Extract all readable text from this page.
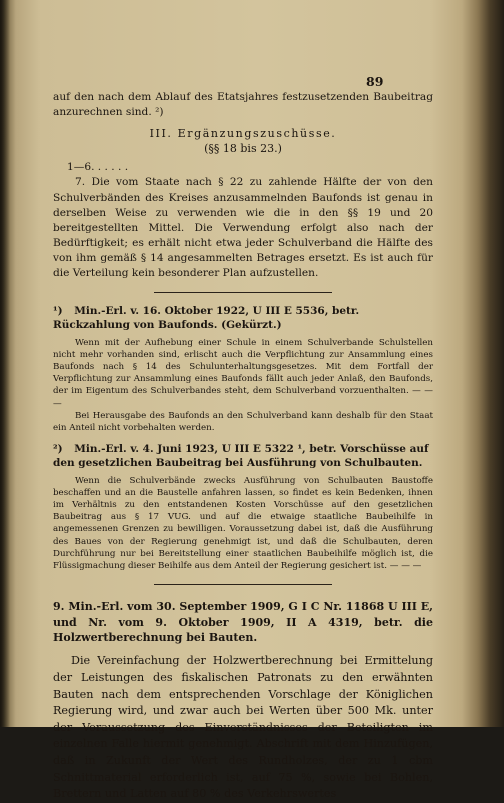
89

auf den nach dem Ablauf des Etatsjahres festzusetzenden Baubeitrag anzurechnen sind. ²)

III. Ergänzungszuschüsse.

(§§ 18 bis 23.)

1—6. . . . . .

7. Die vom Staate nach § 22 zu zahlende Hälfte der von den Schulverbänden des Kreises anzusammelnden Baufonds ist genau in derselben Weise zu verwenden wie die in den §§ 19 und 20 bereitgestellten Mittel. Die Verwendung erfolgt also nach der Bedürftigkeit; es erhält nicht etwa jeder Schulverband die Hälfte des von ihm gemäß § 14 angesammelten Betrages ersetzt. Es ist auch für die Verteilung kein besonderer Plan aufzustellen.

¹) Min.-Erl. v. 16. Oktober 1922, U III E 5536, betr. Rückzahlung von Baufonds. (Gekürzt.)

Wenn mit der Aufhebung einer Schule in einem Schulverbande Schulstellen nicht mehr vorhanden sind, erlischt auch die Verpflichtung zur Ansammlung eines Baufonds nach § 14 des Schulunterhaltungsgesetzes. Mit dem Fortfall der Verpflichtung zur Ansammlung eines Baufonds fällt auch jeder Anlaß, den Baufonds, der im Eigentum des Schulverbandes steht, dem Schulverband vorzuenthalten. — — —

Bei Herausgabe des Baufonds an den Schulverband kann deshalb für den Staat ein Anteil nicht vorbehalten werden.

²) Min.-Erl. v. 4. Juni 1923, U III E 5322 ¹, betr. Vorschüsse auf den gesetzlichen Baubeitrag bei Ausführung von Schulbauten.

Wenn die Schulverbände zwecks Ausführung von Schulbauten Baustoffe beschaffen und an die Baustelle anfahren lassen, so findet es kein Bedenken, ihnen im Verhältnis zu den entstandenen Kosten Vorschüsse auf den gesetzlichen Baubeitrag aus § 17 VUG. und auf die etwaige staatliche Baubeihilfe in angemessenen Grenzen zu bewilligen. Voraussetzung dabei ist, daß die Ausführung des Baues von der Regierung genehmigt ist, und daß die Schulbauten, deren Durchführung nur bei Bereitstellung einer staatlichen Baubeihilfe möglich ist, die Flüssigmachung dieser Beihilfe aus dem Anteil der Regierung gesichert ist. — — —

9. Min.-Erl. vom 30. September 1909, G I C Nr. 11868 U III E, und Nr. vom 9. Oktober 1909, II A 4319, betr. die Holzwertberechnung bei Bauten.

Die Vereinfachung der Holzwertberechnung bei Ermittelung der Leistungen des fiskalischen Patronats zu den erwähnten Bauten nach dem entsprechenden Vorschlage der Königlichen Regierung wird, und zwar auch bei Werten über 500 Mk. unter der Voraussetzung des Einverständnisses der Beteiligten im einzelnen Falle hiermit genehmigt. Abschrift mit dem Hinzufügen, daß in Zukunft der Wert des Rundholzes, der zu 1 cbm Schnittmaterial erforderlich ist, auf 75 %, sowie bei Bohlen, Brettern und Latten auf 80 % des Verkehrswertes
